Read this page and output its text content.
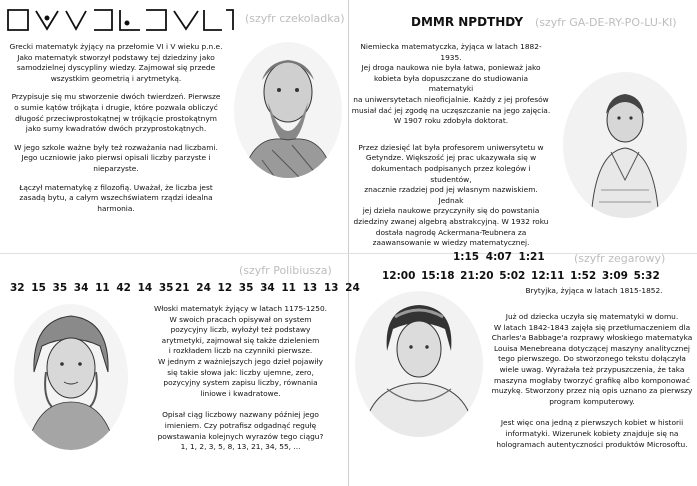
(szyfr czekoladka)

Grecki matematyk żyjący na przełomie VI i V wieku p.n.e.
Jako matematyk stworzył podstawy tej dziedziny jako
samodzielnej dyscypliny wiedzy. Zajmował się przede
wszystkim geometrią i arytmetyką.

Przypisuje się mu stworzenie dwóch twierdzeń. Pierwsze
o sumie kątów trójkąta i drugie, które pozwala obliczyć
długość przeciwprostokątnej w trójkącie prostokątnym
jako sumy kwadratów dwóch przyprostokątnych.

W jego szkole ważne były też rozważania nad liczbami.
Jego uczniowie jako pierwsi opisali liczby parzyste i
nieparzyste.

Łączył matematykę z filozofią. Uważał, że liczba jest
zasadą bytu, a całym wszechświatem rządzi idealna
harmonia.

DMMR NPDTHDY (szyfr GA-DE-RY-PO-LU-KI)

Niemiecka matematyczka, żyjąca w latach 1882-1935.
Jej droga naukowa nie była łatwa, ponieważ jako
kobieta była dopuszczane do studiowania matematyki
na uniwersytetach nieoficjalnie. Każdy z jej profesów
musiał dać jej zgodę na uczęszczanie na jego zajęcia.
W 1907 roku zdobyła doktorat.

Przez dziesięć lat była profesorem uniwersytetu w
Getyndze. Większość jej prac ukazywała się w
dokumentach podpisanych przez kolegów i studentów,
znacznie rzadziej pod jej własnym nazwiskiem. Jednak
jej dzieła naukowe przyczyniły się do powstania
dziedziny zwanej algebrą abstrakcyjną. W 1932 roku
dostała nagrodę Ackermana-Teubnera za
zaawansowanie w wiedzy matematycznej.

(szyfr Polibiusza)
32 15 35 34 11 42 14 35 21 24 12 35 34 11 13 13 24

Włoski matematyk żyjący w latach 1175-1250.
W swoich pracach opisywał on system
pozycyjny liczb, wyłożył też podstawy
arytmetyki, zajmował się także dzieleniem
i rozkładem liczb na czynniki pierwsze.
W jednym z ważniejszych jego dzieł pojawiły
się takie słowa jak: liczby ujemne, zero,
pozycyjny system zapisu liczby, równania
liniowe i kwadratowe.

Opisał ciąg liczbowy nazwany później jego
imieniem. Czy potrafisz odgadnąć regułę
powstawania kolejnych wyrazów tego ciągu?
1, 1, 2, 3, 5, 8, 13, 21, 34, 55, ...

1:15 4:07 1:21	(szyfr zegarowy)
12:00 15:18 21:20 5:02 12:11 1:52 3:09 5:32
Brytyjka, żyjąca w latach 1815-1852.

Już od dziecka uczyła się matematyki w domu.
W latach 1842-1843 zajęła się przetłumaczeniem dla
Charles'a Babbage'a rozprawy włoskiego matematyka
Louisa Menebreana dotyczącej maszyny analitycznej
tego pierwszego. Do stworzonego tekstu dołączyła
wiele uwag. Wyrażała też przypuszczenia, że taka
maszyna mogłaby tworzyć grafikę albo komponować
muzykę. Stworzony przez nią opis uznano za pierwszy
program komputerowy.

Jest więc ona jedną z pierwszych kobiet w historii
informatyki. Wizerunek kobiety znajduje się na
hologramach autentyczności produktów Microsoftu.
